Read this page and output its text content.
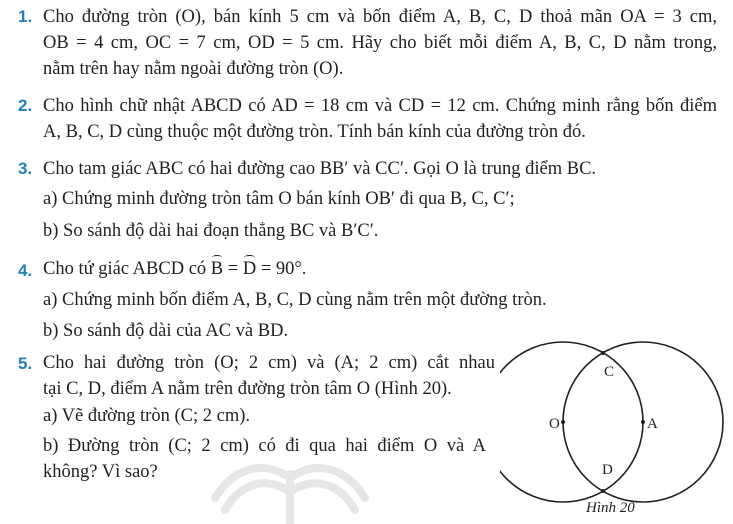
1. Cho đường tròn (O), bán kính 5 cm và bốn điểm A, B, C, D thoả mãn OA = 3 cm,
OB = 4 cm, OC = 7 cm, OD = 5 cm. Hãy cho biết mỗi điểm A, B, C, D nằm trong,
nằm trên hay nằm ngoài đường tròn (O).
2. Cho hình chữ nhật ABCD có AD = 18 cm và CD = 12 cm. Chứng minh rằng bốn điểm
A, B, C, D cùng thuộc một đường tròn. Tính bán kính của đường tròn đó.
3. Cho tam giác ABC có hai đường cao BB′ và CC′. Gọi O là trung điểm BC.
a) Chứng minh đường tròn tâm O bán kính OB′ đi qua B, C, C′;
b) So sánh độ dài hai đoạn thẳng BC và B′C′.
4. Cho tứ giác ABCD có B = D = 90°.
a) Chứng minh bốn điểm A, B, C, D cùng nằm trên một đường tròn.
b) So sánh độ dài của AC và BD.
5. Cho hai đường tròn (O; 2 cm) và (A; 2 cm) cắt nhau
tại C, D, điểm A nằm trên đường tròn tâm O (Hình 20).
a) Vẽ đường tròn (C; 2 cm).
b) Đường tròn (C; 2 cm) có đi qua hai điểm O và A
không? Vì sao?
O	A
C
D
Hình 20
